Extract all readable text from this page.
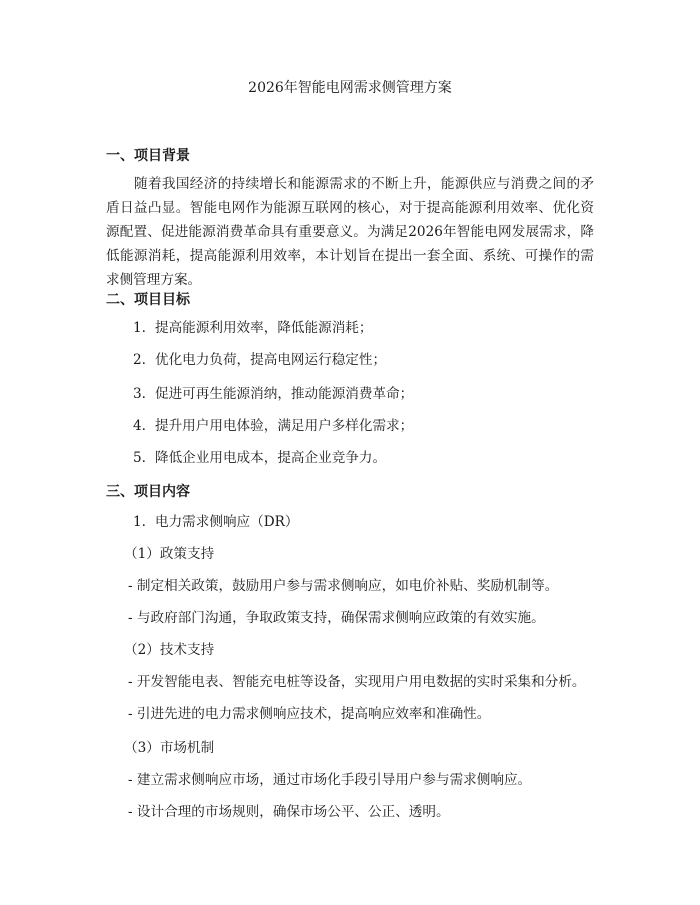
2026年智能电网需求侧管理方案
一、项目背景

随着我国经济的持续增长和能源需求的不断上升，能源供应与消费之间的矛盾日益凸显。智能电网作为能源互联网的核心，对于提高能源利用效率、优化资源配置、促进能源消费革命具有重要意义。为满足2026年智能电网发展需求，降低能源消耗，提高能源利用效率，本计划旨在提出一套全面、系统、可操作的需求侧管理方案。

二、项目目标
1. 提高能源利用效率，降低能源消耗；
2. 优化电力负荷，提高电网运行稳定性；
3. 促进可再生能源消纳，推动能源消费革命；
4. 提升用户用电体验，满足用户多样化需求；
5. 降低企业用电成本，提高企业竞争力。
三、项目内容
1. 电力需求侧响应（DR）
（1）政策支持
- 制定相关政策，鼓励用户参与需求侧响应，如电价补贴、奖励机制等。
- 与政府部门沟通，争取政策支持，确保需求侧响应政策的有效实施。
（2）技术支持
- 开发智能电表、智能充电桩等设备，实现用户用电数据的实时采集和分析。
- 引进先进的电力需求侧响应技术，提高响应效率和准确性。
（3）市场机制
- 建立需求侧响应市场，通过市场化手段引导用户参与需求侧响应。
- 设计合理的市场规则，确保市场公平、公正、透明。
